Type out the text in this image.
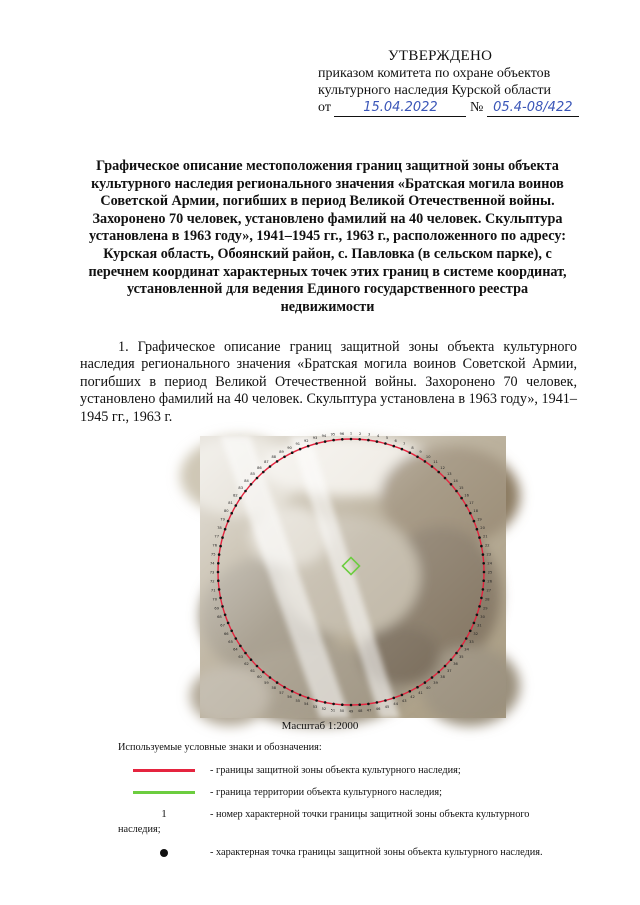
УТВЕРЖДЕНО
приказом комитета по охране объектов
культурного наследия Курской области
от 15.04.2022 № 05.4-08/422
Графическое описание местоположения границ защитной зоны объекта культурного наследия регионального значения «Братская могила воинов Советской Армии, погибших в период Великой Отечественной войны. Захоронено 70 человек, установлено фамилий на 40 человек. Скульптура установлена в 1963 году», 1941–1945 гг., 1963 г., расположенного по адресу: Курская область, Обоянский район, с. Павловка (в сельском парке), с перечнем координат характерных точек этих границ в системе координат, установленной для ведения Единого государственного реестра недвижимости
1. Графическое описание границ защитной зоны объекта культурного наследия регионального значения «Братская могила воинов Советской Армии, погибших в период Великой Отечественной войны. Захоронено 70 человек, установлено фамилий на 40 человек. Скульптура установлена в 1963 году», 1941–1945 гг., 1963 г.
1 2 3 4 5
6
7
8
9
10
11
12
13
14
15
16
17
18
19
20
21
22
23
24
25
26
27
28
29
30
31
32
33
34
35
36
37
38
39
40
41
42
43
44
45
46
47
48
49
50
51
52
53
54
55
56
57
58
59
60
61
62
63
64
65
66
67
68
69
70
71
72
73
74
75
76
77
78
79
80
81
82
83
84
85
86
87
88
89
90
91
92
93 94 95 96
Масштаб 1:2000
Используемые условные знаки и обозначения:
- границы защитной зоны объекта культурного наследия;
- граница территории объекта культурного наследия;
1	- номер характерной точки границы защитной зоны объекта культурного
наследия;
- характерная точка границы защитной зоны объекта культурного наследия.
